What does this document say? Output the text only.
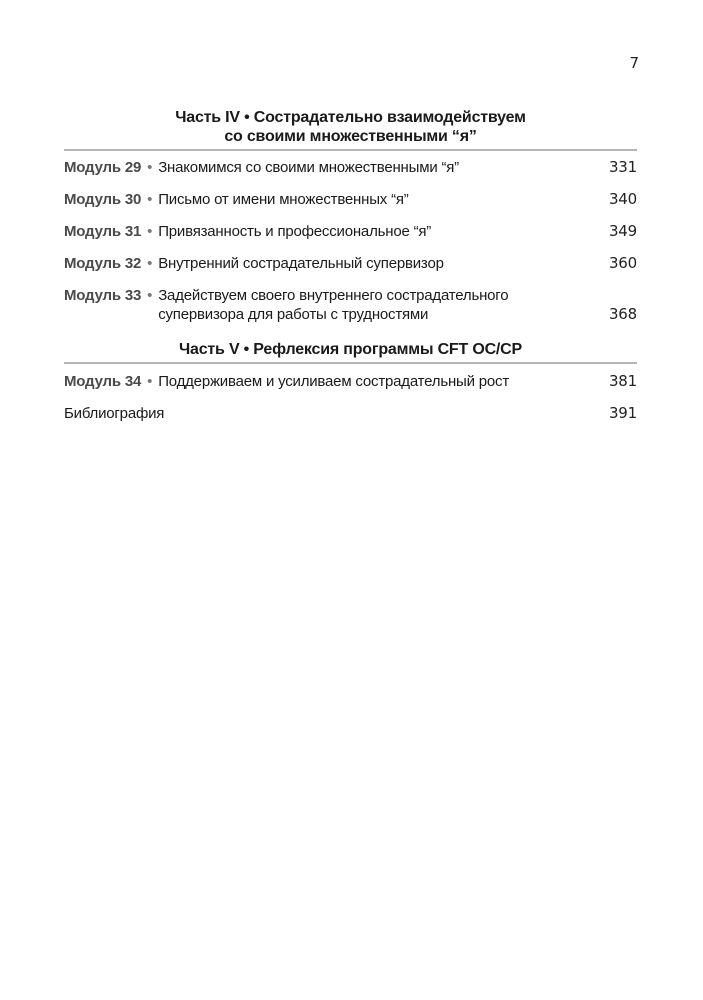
7
Часть IV • Сострадательно взаимодействуем
со своими множественными “я”
Модуль 29 • Знакомимся со своими множественными “я”	331
Модуль 30 • Письмо от имени множественных “я”	340
Модуль 31 • Привязанность и профессиональное “я”	349
Модуль 32 • Внутренний сострадательный супервизор	360
Модуль 33 • Задействуем своего внутреннего сострадательного
супервизора для работы с трудностями	368
Часть V • Рефлексия программы CFT ОС/СР
Модуль 34 • Поддерживаем и усиливаем сострадательный рост	381
Библиография	391
